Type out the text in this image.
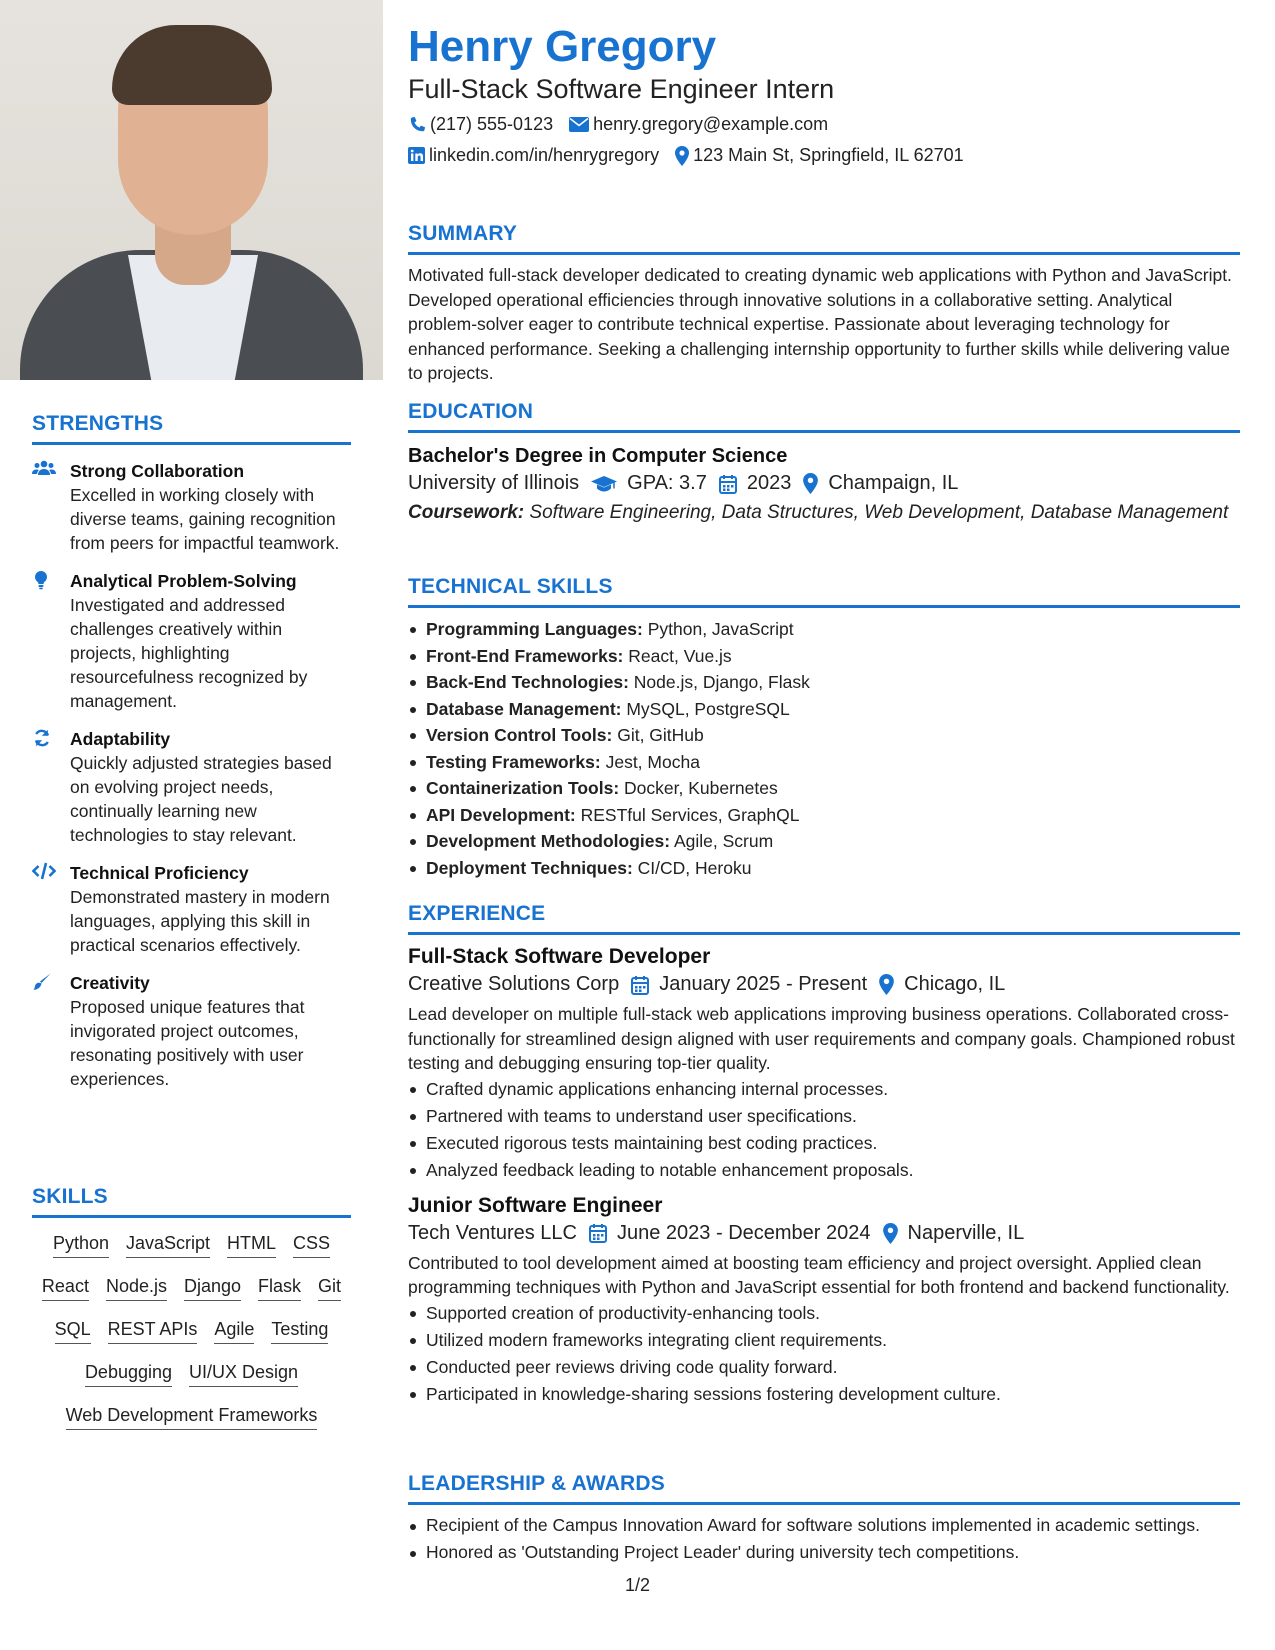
STRENGTHS
Strong Collaboration
Excelled in working closely with diverse teams, gaining recognition from peers for impactful teamwork.
Analytical Problem-Solving
Investigated and addressed challenges creatively within projects, highlighting resourcefulness recognized by management.
Adaptability
Quickly adjusted strategies based on evolving project needs, continually learning new technologies to stay relevant.
Technical Proficiency
Demonstrated mastery in modern languages, applying this skill in practical scenarios effectively.
Creativity
Proposed unique features that invigorated project outcomes, resonating positively with user experiences.
SKILLS
Python JavaScript HTML CSS
React Node.js Django Flask Git
SQL REST APIs Agile Testing
Debugging UI/UX Design
Web Development Frameworks
Henry Gregory
Full-Stack Software Engineer Intern
(217) 555-0123 henry.gregory@example.com
linkedin.com/in/henrygregory 123 Main St, Springfield, IL 62701
SUMMARY
Motivated full-stack developer dedicated to creating dynamic web applications with Python and JavaScript. Developed operational efficiencies through innovative solutions in a collaborative setting. Analytical problem-solver eager to contribute technical expertise. Passionate about leveraging technology for enhanced performance. Seeking a challenging internship opportunity to further skills while delivering value to projects.
EDUCATION
Bachelor's Degree in Computer Science
University of Illinois GPA: 3.7 2023 Champaign, IL
Coursework: Software Engineering, Data Structures, Web Development, Database Management
TECHNICAL SKILLS
Programming Languages: Python, JavaScript
Front-End Frameworks: React, Vue.js
Back-End Technologies: Node.js, Django, Flask
Database Management: MySQL, PostgreSQL
Version Control Tools: Git, GitHub
Testing Frameworks: Jest, Mocha
Containerization Tools: Docker, Kubernetes
API Development: RESTful Services, GraphQL
Development Methodologies: Agile, Scrum
Deployment Techniques: CI/CD, Heroku
EXPERIENCE
Full-Stack Software Developer
Creative Solutions Corp January 2025 - Present Chicago, IL
Lead developer on multiple full-stack web applications improving business operations. Collaborated cross-functionally for streamlined design aligned with user requirements and company goals. Championed robust testing and debugging ensuring top-tier quality.
Crafted dynamic applications enhancing internal processes.
Partnered with teams to understand user specifications.
Executed rigorous tests maintaining best coding practices.
Analyzed feedback leading to notable enhancement proposals.
Junior Software Engineer
Tech Ventures LLC June 2023 - December 2024 Naperville, IL
Contributed to tool development aimed at boosting team efficiency and project oversight. Applied clean programming techniques with Python and JavaScript essential for both frontend and backend functionality.
Supported creation of productivity-enhancing tools.
Utilized modern frameworks integrating client requirements.
Conducted peer reviews driving code quality forward.
Participated in knowledge-sharing sessions fostering development culture.
LEADERSHIP & AWARDS
Recipient of the Campus Innovation Award for software solutions implemented in academic settings.
Honored as 'Outstanding Project Leader' during university tech competitions.
1/2
